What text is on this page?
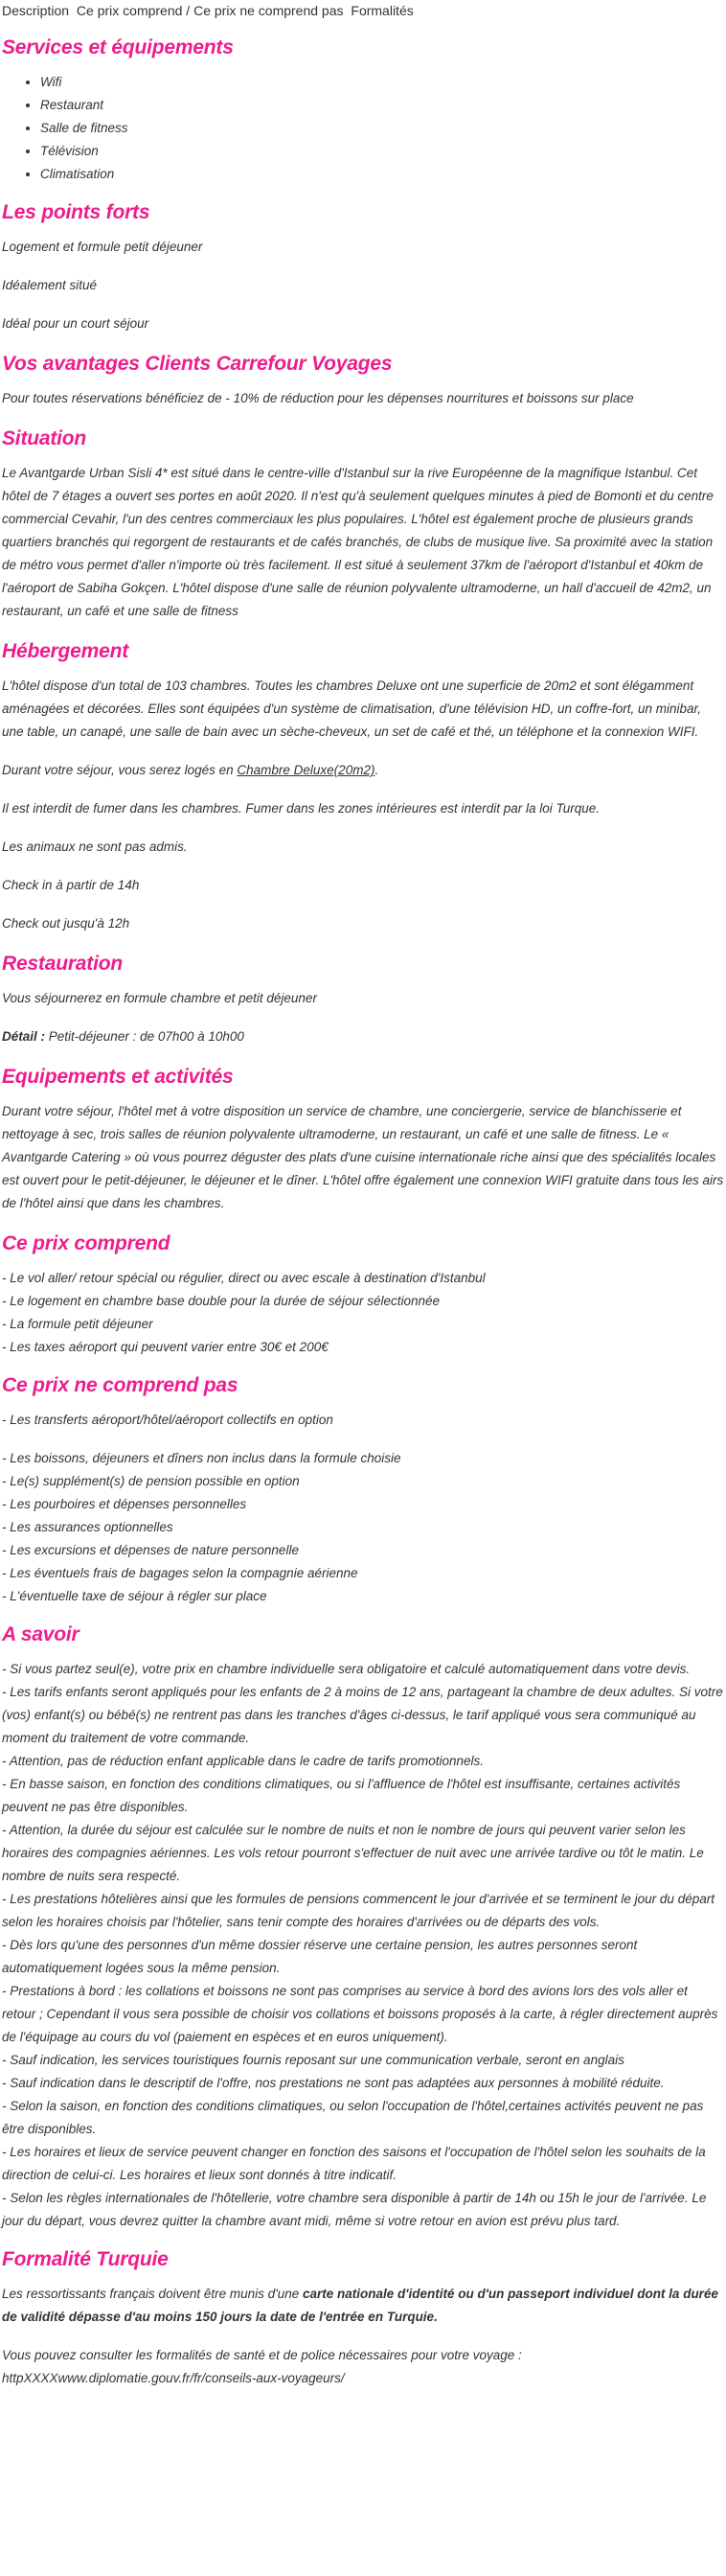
Description Ce prix comprend / Ce prix ne comprend pas Formalités
Services et équipements
• Wifi
• Restaurant
• Salle de fitness
• Télévision
• Climatisation
Les points forts

Logement et formule petit déjeuner

Idéalement situé

Idéal pour un court séjour

Vos avantages Clients Carrefour Voyages

Pour toutes réservations bénéficiez de - 10% de réduction pour les dépenses nourritures et boissons sur place

Situation

Le Avantgarde Urban Sisli 4* est situé dans le centre-ville d'Istanbul sur la rive Européenne de la magnifique Istanbul. Cet hôtel de 7 étages a ouvert ses portes en août 2020. Il n'est qu'à seulement quelques minutes à pied de Bomonti et du centre commercial Cevahir, l'un des centres commerciaux les plus populaires. L'hôtel est également proche de plusieurs grands quartiers branchés qui regorgent de restaurants et de cafés branchés, de clubs de musique live. Sa proximité avec la station de métro vous permet d'aller n'importe où très facilement. Il est situé à seulement 37km de l'aéroport d'Istanbul et 40km de l'aéroport de Sabiha Gokçen. L'hôtel dispose d'une salle de réunion polyvalente ultramoderne, un hall d'accueil de 42m2, un restaurant, un café et une salle de fitness

Hébergement

L'hôtel dispose d'un total de 103 chambres. Toutes les chambres Deluxe ont une superficie de 20m2 et sont élégamment aménagées et décorées. Elles sont équipées d'un système de climatisation, d'une télévision HD, un coffre-fort, un minibar, une table, un canapé, une salle de bain avec un sèche-cheveux, un set de café et thé, un téléphone et la connexion WIFI.

Durant votre séjour, vous serez logés en Chambre Deluxe(20m2).

Il est interdit de fumer dans les chambres. Fumer dans les zones intérieures est interdit par la loi Turque.

Les animaux ne sont pas admis.

Check in à partir de 14h

Check out jusqu'à 12h

Restauration

Vous séjournerez en formule chambre et petit déjeuner

Détail : Petit-déjeuner : de 07h00 à 10h00

Equipements et activités

Durant votre séjour, l'hôtel met à votre disposition un service de chambre, une conciergerie, service de blanchisserie et nettoyage à sec, trois salles de réunion polyvalente ultramoderne, un restaurant, un café et une salle de fitness. Le « Avantgarde Catering » où vous pourrez déguster des plats d'une cuisine internationale riche ainsi que des spécialités locales est ouvert pour le petit-déjeuner, le déjeuner et le dîner. L'hôtel offre également une connexion WIFI gratuite dans tous les airs de l'hôtel ainsi que dans les chambres.

Ce prix comprend
- Le vol aller/ retour spécial ou régulier, direct ou avec escale à destination d'Istanbul
- Le logement en chambre base double pour la durée de séjour sélectionnée
- La formule petit déjeuner
- Les taxes aéroport qui peuvent varier entre 30€ et 200€
Ce prix ne comprend pas

- Les transferts aéroport/hôtel/aéroport collectifs en option

- Les boissons, déjeuners et dîners non inclus dans la formule choisie
- Le(s) supplément(s) de pension possible en option
- Les pourboires et dépenses personnelles
- Les assurances optionnelles
- Les excursions et dépenses de nature personnelle
- Les éventuels frais de bagages selon la compagnie aérienne
- L'éventuelle taxe de séjour à régler sur place
A savoir
- Si vous partez seul(e), votre prix en chambre individuelle sera obligatoire et calculé automatiquement dans votre devis.
- Les tarifs enfants seront appliqués pour les enfants de 2 à moins de 12 ans, partageant la chambre de deux adultes. Si votre (vos) enfant(s) ou bébé(s) ne rentrent pas dans les tranches d'âges ci-dessus, le tarif appliqué vous sera communiqué au moment du traitement de votre commande.
- Attention, pas de réduction enfant applicable dans le cadre de tarifs promotionnels.
- En basse saison, en fonction des conditions climatiques, ou si l'affluence de l'hôtel est insuffisante, certaines activités peuvent ne pas être disponibles.
- Attention, la durée du séjour est calculée sur le nombre de nuits et non le nombre de jours qui peuvent varier selon les horaires des compagnies aériennes. Les vols retour pourront s'effectuer de nuit avec une arrivée tardive ou tôt le matin. Le nombre de nuits sera respecté.
- Les prestations hôtelières ainsi que les formules de pensions commencent le jour d'arrivée et se terminent le jour du départ selon les horaires choisis par l'hôtelier, sans tenir compte des horaires d'arrivées ou de départs des vols.
- Dès lors qu'une des personnes d'un même dossier réserve une certaine pension, les autres personnes seront automatiquement logées sous la même pension.
- Prestations à bord : les collations et boissons ne sont pas comprises au service à bord des avions lors des vols aller et retour ; Cependant il vous sera possible de choisir vos collations et boissons proposés à la carte, à régler directement auprès de l'équipage au cours du vol (paiement en espèces et en euros uniquement).
- Sauf indication, les services touristiques fournis reposant sur une communication verbale, seront en anglais
- Sauf indication dans le descriptif de l'offre, nos prestations ne sont pas adaptées aux personnes à mobilité réduite.
- Selon la saison, en fonction des conditions climatiques, ou selon l'occupation de l'hôtel,certaines activités peuvent ne pas être disponibles.
- Les horaires et lieux de service peuvent changer en fonction des saisons et l'occupation de l'hôtel selon les souhaits de la direction de celui-ci. Les horaires et lieux sont donnés à titre indicatif.
- Selon les règles internationales de l'hôtellerie, votre chambre sera disponible à partir de 14h ou 15h le jour de l'arrivée. Le jour du départ, vous devrez quitter la chambre avant midi, même si votre retour en avion est prévu plus tard.
Formalité Turquie

Les ressortissants français doivent être munis d'une carte nationale d'identité ou d'un passeport individuel dont la durée de validité dépasse d'au moins 150 jours la date de l'entrée en Turquie.

Vous pouvez consulter les formalités de santé et de police nécessaires pour votre voyage :
httpXXXXwww.diplomatie.gouv.fr/fr/conseils-aux-voyageurs/
